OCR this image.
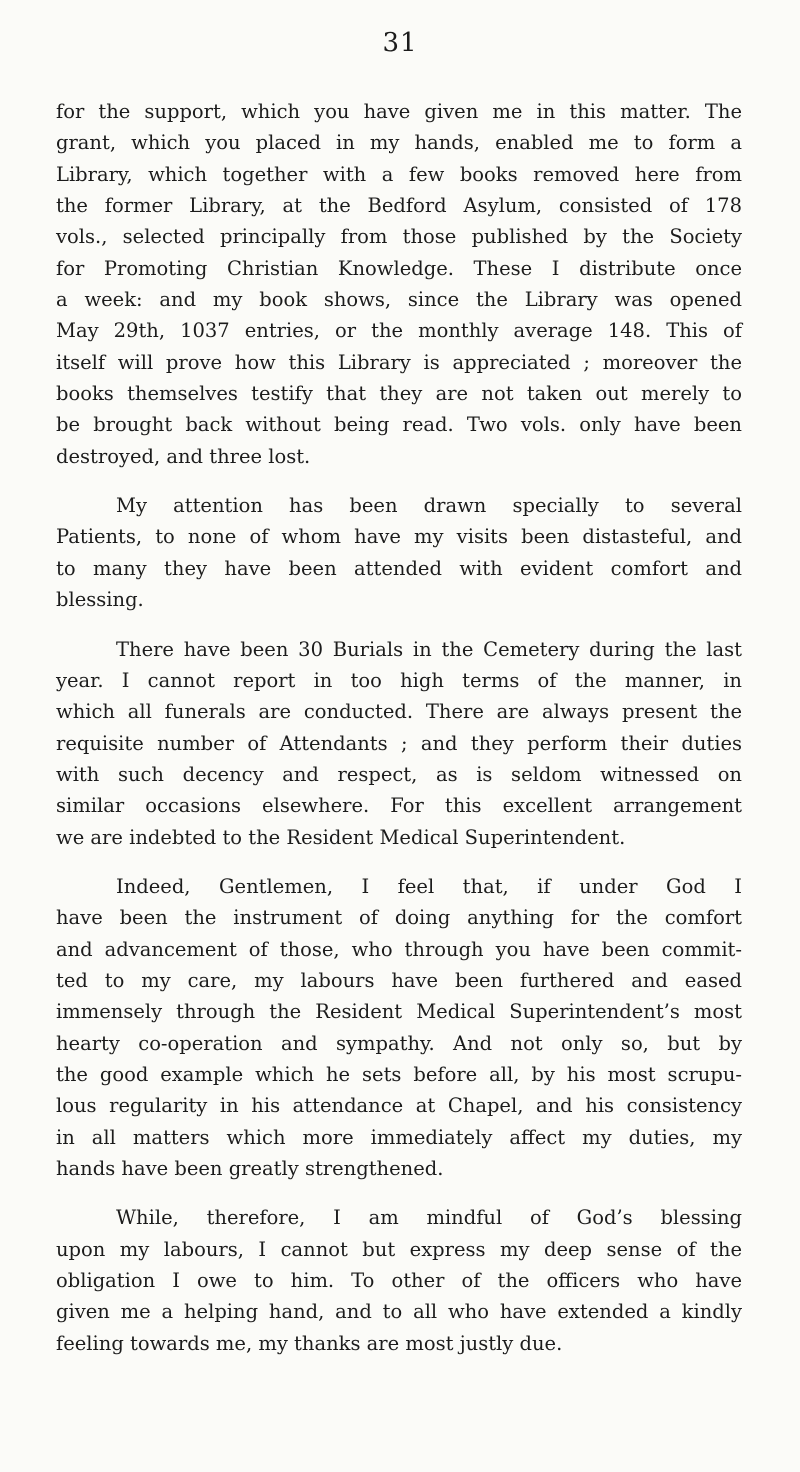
31
for the support, which you have given me in this matter. The
grant, which you placed in my hands, enabled me to form a
Library, which together with a few books removed here from
the former Library, at the Bedford Asylum, consisted of 178
vols., selected principally from those published by the Society
for Promoting Christian Knowledge. These I distribute once
a week: and my book shows, since the Library was opened
May 29th, 1037 entries, or the monthly average 148. This of
itself will prove how this Library is appreciated ; moreover the
books themselves testify that they are not taken out merely to
be brought back without being read. Two vols. only have been
destroyed, and three lost.
My attention has been drawn specially to several
Patients, to none of whom have my visits been distasteful, and
to many they have been attended with evident comfort and
blessing.
There have been 30 Burials in the Cemetery during the last
year. I cannot report in too high terms of the manner, in
which all funerals are conducted. There are always present the
requisite number of Attendants ; and they perform their duties
with such decency and respect, as is seldom witnessed on
similar occasions elsewhere. For this excellent arrangement
we are indebted to the Resident Medical Superintendent.
Indeed, Gentlemen, I feel that, if under God I
have been the instrument of doing anything for the comfort
and advancement of those, who through you have been commit-
ted to my care, my labours have been furthered and eased
immensely through the Resident Medical Superintendent’s most
hearty co-operation and sympathy. And not only so, but by
the good example which he sets before all, by his most scrupu-
lous regularity in his attendance at Chapel, and his consistency
in all matters which more immediately affect my duties, my
hands have been greatly strengthened.
While, therefore, I am mindful of God’s blessing
upon my labours, I cannot but express my deep sense of the
obligation I owe to him. To other of the officers who have
given me a helping hand, and to all who have extended a kindly
feeling towards me, my thanks are most justly due.
